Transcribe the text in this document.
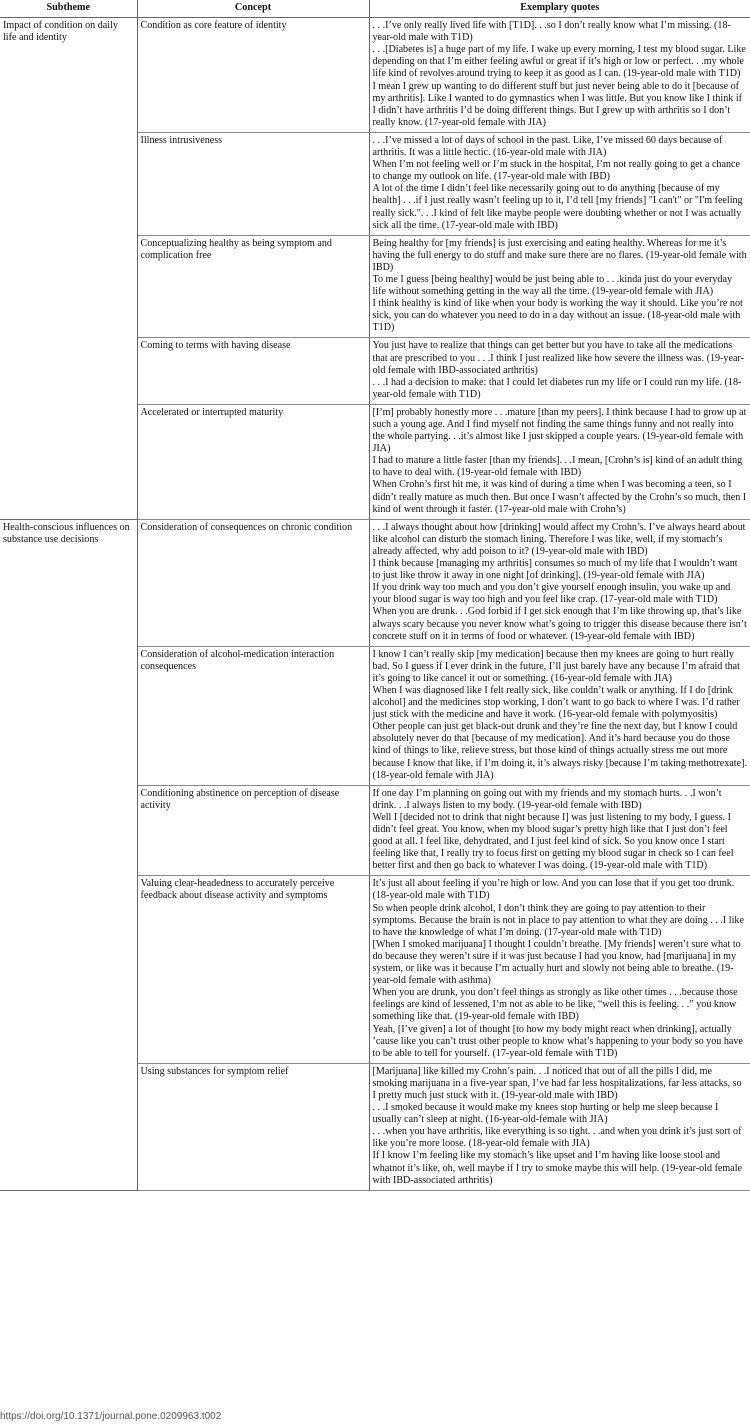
Subtheme	Concept	Exemplary quotes
Impact of condition on daily life and identity	Condition as core feature of identity	. . .I’ve only really lived life with [T1D]. . .so I don’t really know what I’m missing. (18-year-old male with T1D)
. . .[Diabetes is] a huge part of my life. I wake up every morning, I test my blood sugar. Like depending on that I’m either feeling awful or great if it’s high or low or perfect. . .my whole life kind of revolves around trying to keep it as good as I can. (19-year-old male with T1D)
I mean I grew up wanting to do different stuff but just never being able to do it [because of my arthritis]. Like I wanted to do gymnastics when I was little. But you know like I think if I didn’t have arthritis I’d be doing different things. But I grew up with arthritis so I don’t really know. (17-year-old female with JIA)

	Illness intrusiveness	. . .I’ve missed a lot of days of school in the past. Like, I’ve missed 60 days because of arthritis. It was a little hectic. (16-year-old male with JIA)
When I’m not feeling well or I’m stuck in the hospital, I’m not really going to get a chance to change my outlook on life. (17-year-old male with IBD)
A lot of the time I didn’t feel like necessarily going out to do anything [because of my health] . . .if I just really wasn’t feeling up to it, I’d tell [my friends] "I can't" or "I'm feeling really sick.". . .I kind of felt like maybe people were doubting whether or not I was actually sick all the time. (17-year-old male with IBD)

	Conceptualizing healthy as being symptom and complication free	Being healthy for [my friends] is just exercising and eating healthy. Whereas for me it’s having the full energy to do stuff and make sure there are no flares. (19-year-old female with IBD)
To me I guess [being healthy] would be just being able to . . .kinda just do your everyday life without something getting in the way all the time. (19-year-old female with JIA)
I think healthy is kind of like when your body is working the way it should. Like you’re not sick, you can do whatever you need to do in a day without an issue. (18-year-old male with T1D)

	Coming to terms with having disease	You just have to realize that things can get better but you have to take all the medications that are prescribed to you . . .I think I just realized like how severe the illness was. (19-year-old female with IBD-associated arthritis)
. . .I had a decision to make: that I could let diabetes run my life or I could run my life. (18-year-old female with T1D)

	Accelerated or interrupted maturity	[I’m] probably honestly more . . .mature [than my peers]. I think because I had to grow up at such a young age. And I find myself not finding the same things funny and not really into the whole partying. . .it’s almost like I just skipped a couple years. (19-year-old female with JIA)
I had to mature a little faster [than my friends]. . .I mean, [Crohn’s is] kind of an adult thing to have to deal with. (19-year-old female with IBD)
When Crohn’s first hit me, it was kind of during a time when I was becoming a teen, so I didn’t really mature as much then. But once I wasn’t affected by the Crohn’s so much, then I kind of went through it faster. (17-year-old male with Crohn’s)

Health-conscious influences on substance use decisions	Consideration of consequences on chronic condition	. . .I always thought about how [drinking] would affect my Crohn’s. I’ve always heard about like alcohol can disturb the stomach lining. Therefore I was like, well, if my stomach’s already affected, why add poison to it? (19-year-old male with IBD)
I think because [managing my arthritis] consumes so much of my life that I wouldn’t want to just like throw it away in one night [of drinking]. (19-year-old female with JIA)
If you drink way too much and you don’t give yourself enough insulin, you wake up and your blood sugar is way too high and you feel like crap. (17-year-old male with T1D)
When you are drunk. . .God forbid if I get sick enough that I’m like throwing up, that’s like always scary because you never know what’s going to trigger this disease because there isn’t concrete stuff on it in terms of food or whatever. (19-year-old female with IBD)

	Consideration of alcohol-medication interaction consequences	I know I can’t really skip [my medication] because then my knees are going to hurt really bad. So I guess if I ever drink in the future, I’ll just barely have any because I’m afraid that it’s going to like cancel it out or something. (16-year-old female with JIA)
When I was diagnosed like I felt really sick, like couldn’t walk or anything. If I do [drink alcohol] and the medicines stop working, I don’t want to go back to where I was. I’d rather just stick with the medicine and have it work. (16-year-old female with polymyositis)
Other people can just get black-out drunk and they’re fine the next day, but I know I could absolutely never do that [because of my medication]. And it’s hard because you do those kind of things to like, relieve stress, but those kind of things actually stress me out more because I know that like, if I’m doing it, it’s always risky [because I’m taking methotrexate]. (18-year-old female with JIA)

	Conditioning abstinence on perception of disease activity	If one day I’m planning on going out with my friends and my stomach hurts. . .I won’t drink. . .I always listen to my body. (19-year-old female with IBD)
Well I [decided not to drink that night because I] was just listening to my body, I guess. I didn’t feel great. You know, when my blood sugar’s pretty high like that I just don’t feel good at all. I feel like, dehydrated, and I just feel kind of sick. So you know once I start feeling like that, I really try to focus first on getting my blood sugar in check so I can feel better first and then go back to whatever I was doing. (19-year-old male with T1D)

	Valuing clear-headedness to accurately perceive feedback about disease activity and symptoms	It’s just all about feeling if you’re high or low. And you can lose that if you get too drunk. (18-year-old male with T1D)
So when people drink alcohol, I don’t think they are going to pay attention to their symptoms. Because the brain is not in place to pay attention to what they are doing . . .I like to have the knowledge of what I’m doing. (17-year-old male with T1D)
[When I smoked marijuana] I thought I couldn’t breathe. [My friends] weren’t sure what to do because they weren’t sure if it was just because I had you know, had [marijuana] in my system, or like was it because I’m actually hurt and slowly not being able to breathe. (19-year-old female with asthma)
When you are drunk, you don’t feel things as strongly as like other times . . .because those feelings are kind of lessened, I’m not as able to be like, “well this is feeling. . .” you know something like that. (19-year-old female with IBD)
Yeah, [I’ve given] a lot of thought [to how my body might react when drinking], actually ’cause like you can’t trust other people to know what’s happening to your body so you have to be able to tell for yourself. (17-year-old female with T1D)

	Using substances for symptom relief	[Marijuana] like killed my Crohn’s pain. . .I noticed that out of all the pills I did, me smoking marijuana in a five-year span, I’ve had far less hospitalizations, far less attacks, so I pretty much just stuck with it. (19-year-old male with IBD)
. . .I smoked because it would make my knees stop hurting or help me sleep because I usually can’t sleep at night. (16-year-old-female with JIA)
. . .when you have arthritis, like everything is so tight. . .and when you drink it’s just sort of like you’re more loose. (18-year-old female with JIA)
If I know I’m feeling like my stomach’s like upset and I’m having like loose stool and whatnot it’s like, oh, well maybe if I try to smoke maybe this will help. (19-year-old female with IBD-associated arthritis)
https://doi.org/10.1371/journal.pone.0209963.t002
